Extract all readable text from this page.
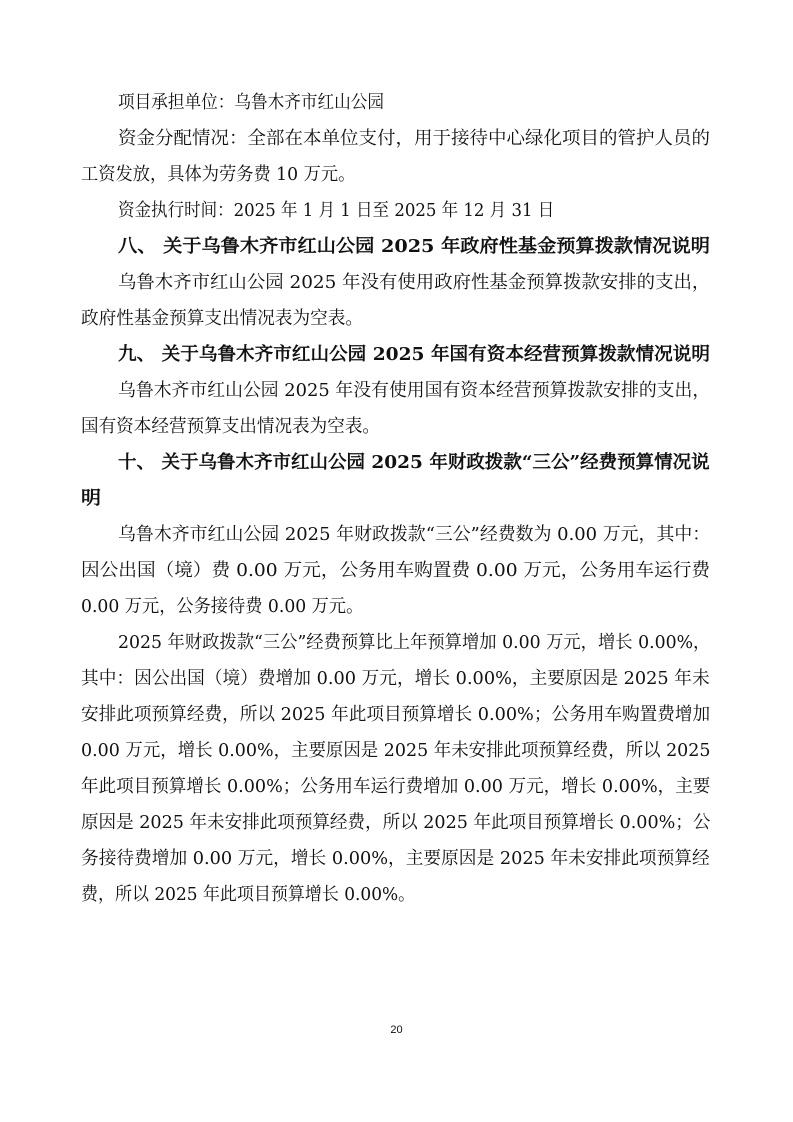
项目承担单位：乌鲁木齐市红山公园
资金分配情况：全部在本单位支付，用于接待中心绿化项目的管护人员的
工资发放，具体为劳务费 10 万元。
资金执行时间：2025 年 1 月 1 日至 2025 年 12 月 31 日
八、 关于乌鲁木齐市红山公园 2025 年政府性基金预算拨款情况说明
乌鲁木齐市红山公园 2025 年没有使用政府性基金预算拨款安排的支出，
政府性基金预算支出情况表为空表。
九、 关于乌鲁木齐市红山公园 2025 年国有资本经营预算拨款情况说明
乌鲁木齐市红山公园 2025 年没有使用国有资本经营预算拨款安排的支出，
国有资本经营预算支出情况表为空表。
十、 关于乌鲁木齐市红山公园 2025 年财政拨款“三公”经费预算情况说
明
乌鲁木齐市红山公园 2025 年财政拨款“三公”经费数为 0.00 万元，其中：
因公出国（境）费 0.00 万元，公务用车购置费 0.00 万元，公务用车运行费
0.00 万元，公务接待费 0.00 万元。
2025 年财政拨款“三公”经费预算比上年预算增加 0.00 万元，增长 0.00%，
其中：因公出国（境）费增加 0.00 万元，增长 0.00%，主要原因是 2025 年未
安排此项预算经费，所以 2025 年此项目预算增长 0.00%；公务用车购置费增加
0.00 万元，增长 0.00%，主要原因是 2025 年未安排此项预算经费，所以 2025
年此项目预算增长 0.00%；公务用车运行费增加 0.00 万元，增长 0.00%，主要
原因是 2025 年未安排此项预算经费，所以 2025 年此项目预算增长 0.00%；公
务接待费增加 0.00 万元，增长 0.00%，主要原因是 2025 年未安排此项预算经
费，所以 2025 年此项目预算增长 0.00%。
20
